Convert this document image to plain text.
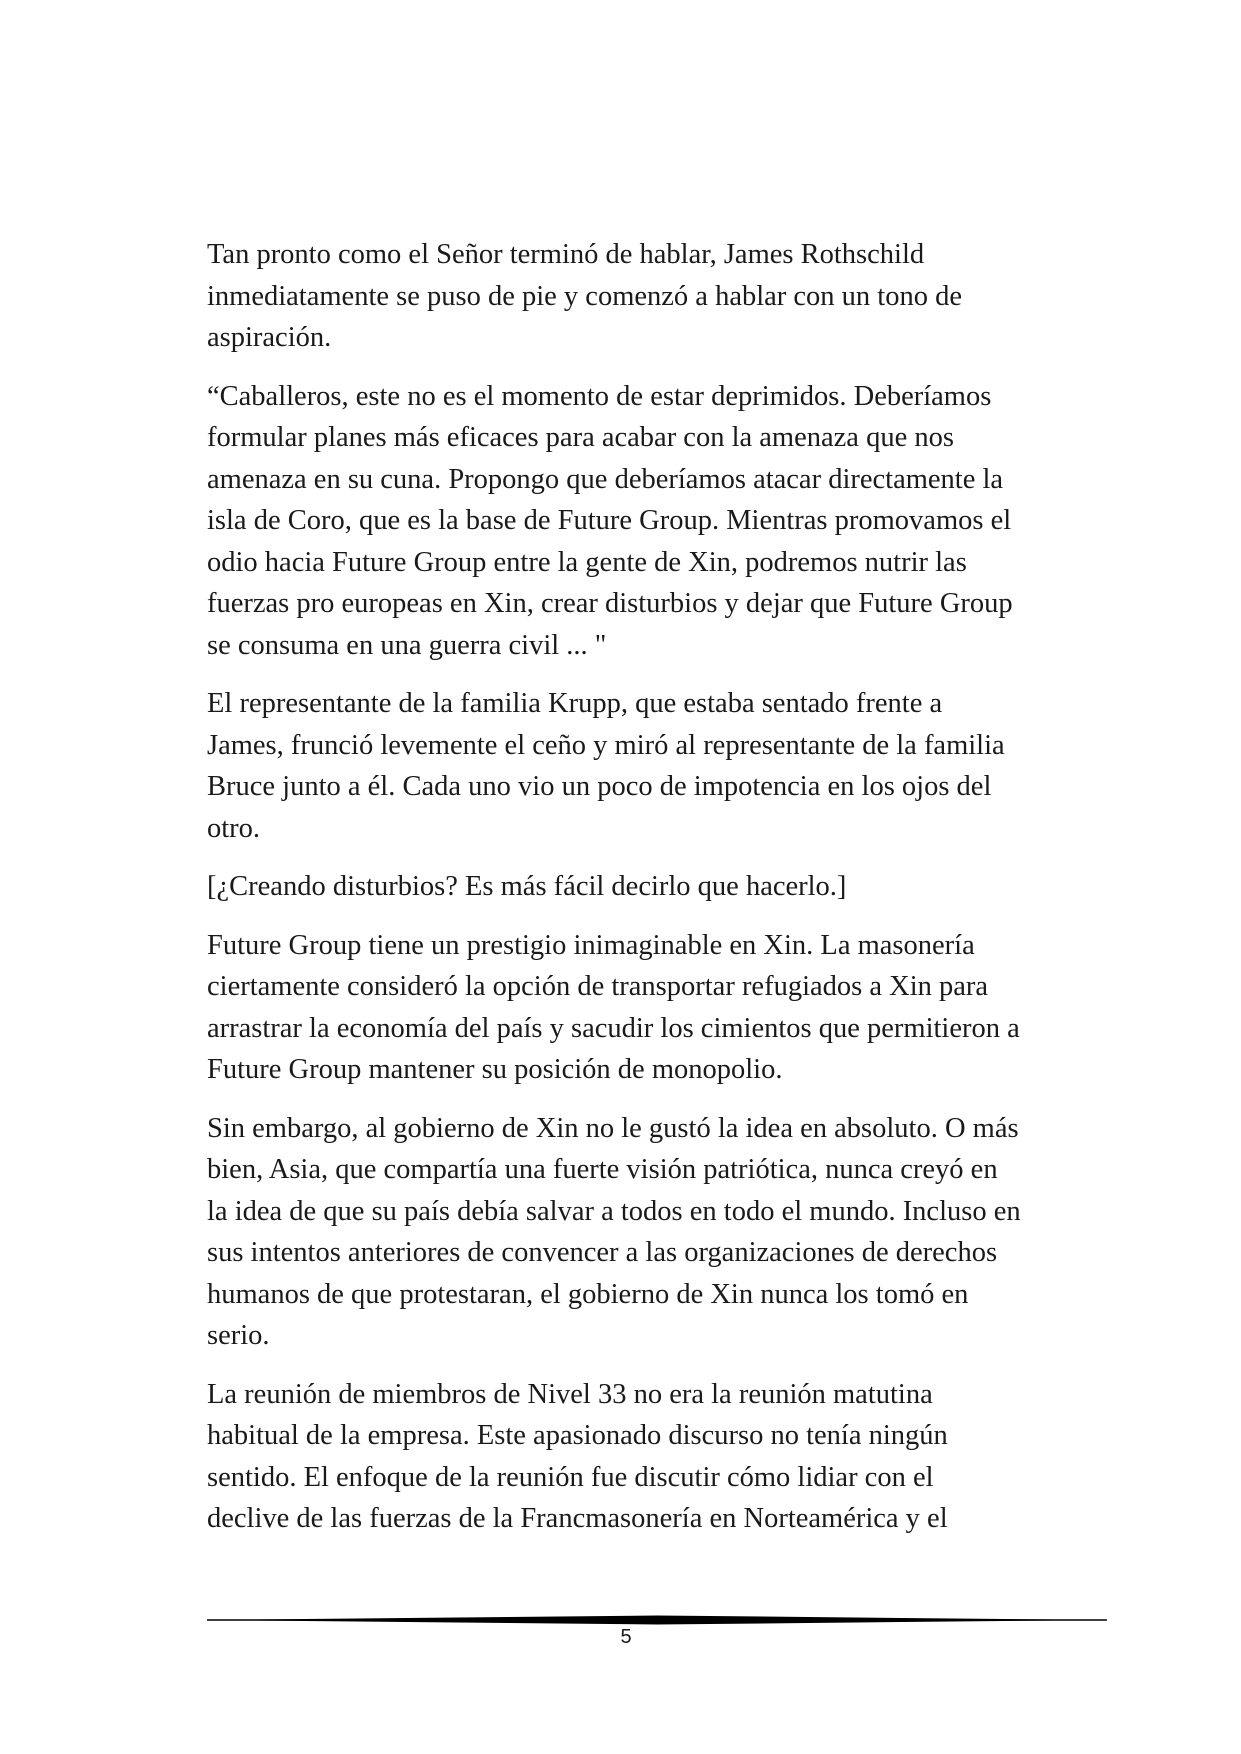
Tan pronto como el Señor terminó de hablar, James Rothschild
inmediatamente se puso de pie y comenzó a hablar con un tono de
aspiración.

“Caballeros, este no es el momento de estar deprimidos. Deberíamos
formular planes más eficaces para acabar con la amenaza que nos
amenaza en su cuna. Propongo que deberíamos atacar directamente la
isla de Coro, que es la base de Future Group. Mientras promovamos el
odio hacia Future Group entre la gente de Xin, podremos nutrir las
fuerzas pro europeas en Xin, crear disturbios y dejar que Future Group
se consuma en una guerra civil ... "

El representante de la familia Krupp, que estaba sentado frente a
James, frunció levemente el ceño y miró al representante de la familia
Bruce junto a él. Cada uno vio un poco de impotencia en los ojos del
otro.

[¿Creando disturbios? Es más fácil decirlo que hacerlo.]

Future Group tiene un prestigio inimaginable en Xin. La masonería
ciertamente consideró la opción de transportar refugiados a Xin para
arrastrar la economía del país y sacudir los cimientos que permitieron a
Future Group mantener su posición de monopolio.

Sin embargo, al gobierno de Xin no le gustó la idea en absoluto. O más
bien, Asia, que compartía una fuerte visión patriótica, nunca creyó en
la idea de que su país debía salvar a todos en todo el mundo. Incluso en
sus intentos anteriores de convencer a las organizaciones de derechos
humanos de que protestaran, el gobierno de Xin nunca los tomó en
serio.

La reunión de miembros de Nivel 33 no era la reunión matutina
habitual de la empresa. Este apasionado discurso no tenía ningún
sentido. El enfoque de la reunión fue discutir cómo lidiar con el
declive de las fuerzas de la Francmasonería en Norteamérica y el

5
